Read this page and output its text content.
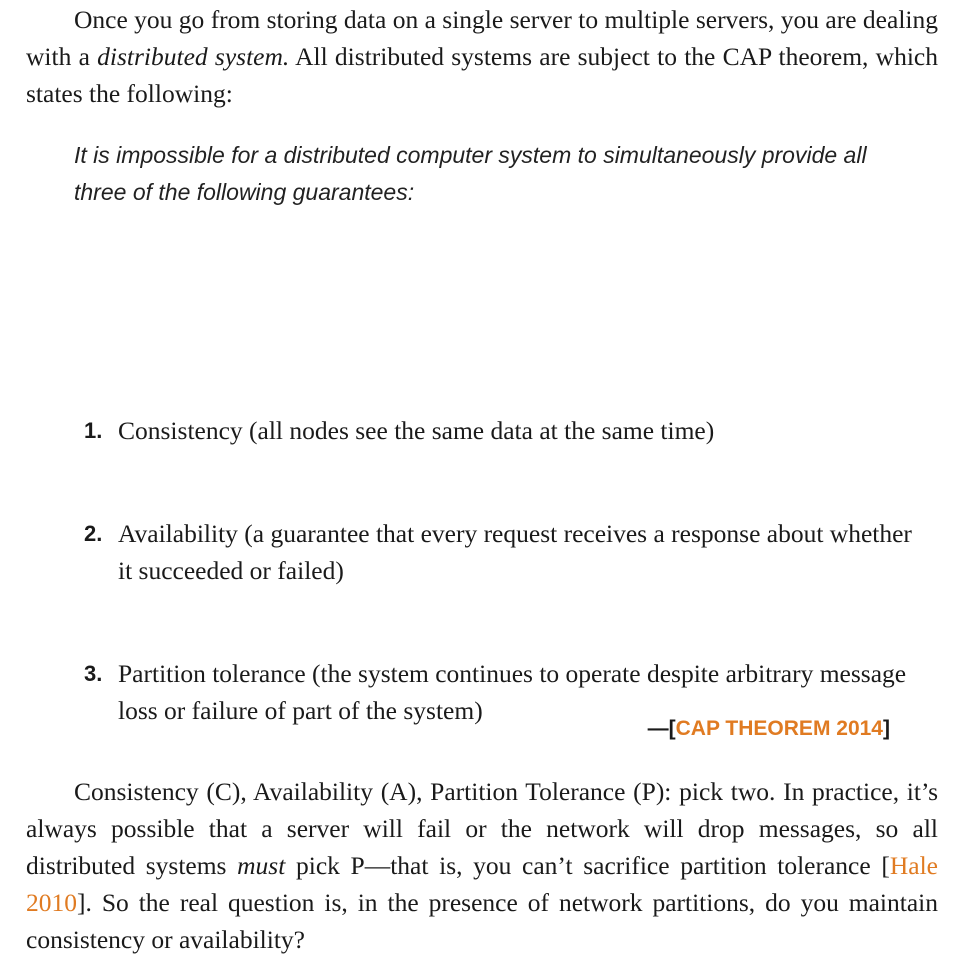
Once you go from storing data on a single server to multiple servers, you are dealing with a distributed system. All distributed systems are subject to the CAP theorem, which states the following:

It is impossible for a distributed computer system to simultaneously provide all three of the following guarantees:

1. Consistency (all nodes see the same data at the same time)
2. Availability (a guarantee that every request receives a response about whether it succeeded or failed)
3. Partition tolerance (the system continues to operate despite arbitrary message loss or failure of part of the system)
—[CAP THEOREM 2014]

Consistency (C), Availability (A), Partition Tolerance (P): pick two. In practice, it’s always possible that a server will fail or the network will drop messages, so all distributed systems must pick P—that is, you can’t sacrifice partition tolerance [Hale 2010]. So the real question is, in the presence of network partitions, do you maintain consistency or availability?
